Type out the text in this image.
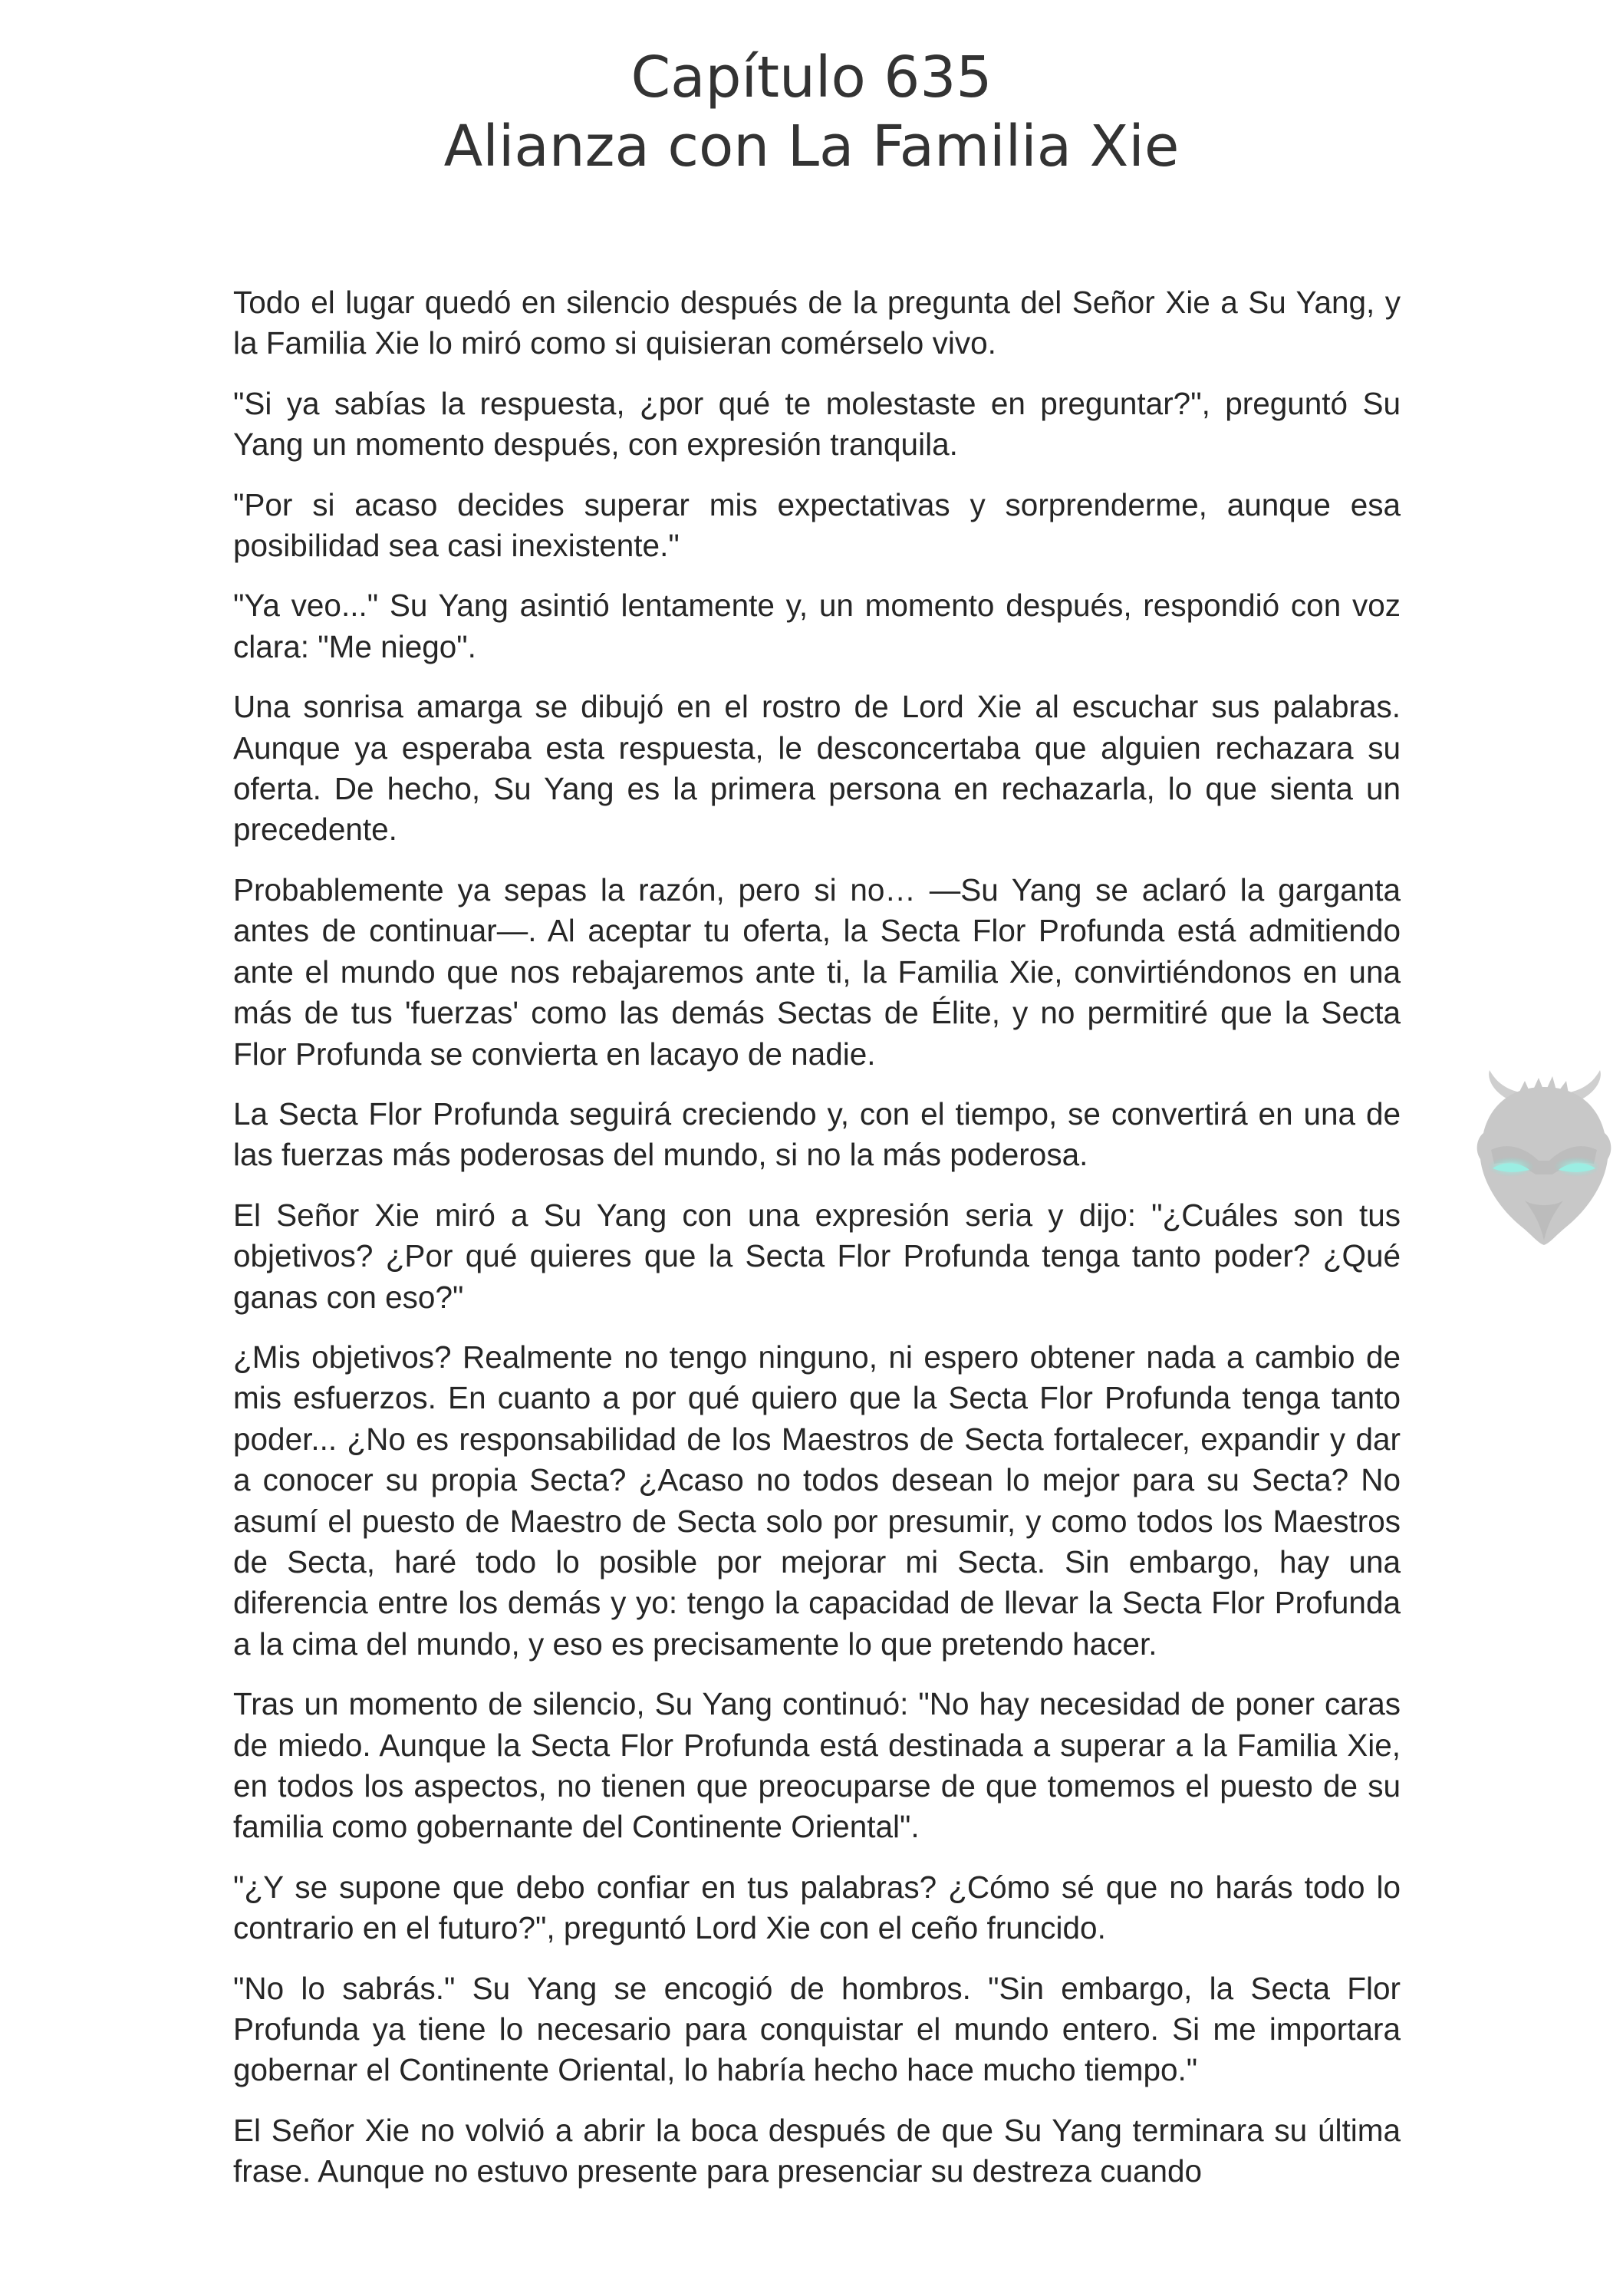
Capítulo 635
Alianza con La Familia Xie

Todo el lugar quedó en silencio después de la pregunta del Señor Xie a Su Yang, y la Familia Xie lo miró como si quisieran comérselo vivo.

"Si ya sabías la respuesta, ¿por qué te molestaste en preguntar?", preguntó Su Yang un momento después, con expresión tranquila.

"Por si acaso decides superar mis expectativas y sorprenderme, aunque esa posibilidad sea casi inexistente."

"Ya veo..." Su Yang asintió lentamente y, un momento después, respondió con voz clara: "Me niego".

Una sonrisa amarga se dibujó en el rostro de Lord Xie al escuchar sus palabras. Aunque ya esperaba esta respuesta, le desconcertaba que alguien rechazara su oferta. De hecho, Su Yang es la primera persona en rechazarla, lo que sienta un precedente.

Probablemente ya sepas la razón, pero si no… —Su Yang se aclaró la garganta antes de continuar—. Al aceptar tu oferta, la Secta Flor Profunda está admitiendo ante el mundo que nos rebajaremos ante ti, la Familia Xie, convirtiéndonos en una más de tus 'fuerzas' como las demás Sectas de Élite, y no permitiré que la Secta Flor Profunda se convierta en lacayo de nadie.

La Secta Flor Profunda seguirá creciendo y, con el tiempo, se convertirá en una de las fuerzas más poderosas del mundo, si no la más poderosa.

El Señor Xie miró a Su Yang con una expresión seria y dijo: "¿Cuáles son tus objetivos? ¿Por qué quieres que la Secta Flor Profunda tenga tanto poder? ¿Qué ganas con eso?"

¿Mis objetivos? Realmente no tengo ninguno, ni espero obtener nada a cambio de mis esfuerzos. En cuanto a por qué quiero que la Secta Flor Profunda tenga tanto poder... ¿No es responsabilidad de los Maestros de Secta fortalecer, expandir y dar a conocer su propia Secta? ¿Acaso no todos desean lo mejor para su Secta? No asumí el puesto de Maestro de Secta solo por presumir, y como todos los Maestros de Secta, haré todo lo posible por mejorar mi Secta. Sin embargo, hay una diferencia entre los demás y yo: tengo la capacidad de llevar la Secta Flor Profunda a la cima del mundo, y eso es precisamente lo que pretendo hacer.

Tras un momento de silencio, Su Yang continuó: "No hay necesidad de poner caras de miedo. Aunque la Secta Flor Profunda está destinada a superar a la Familia Xie, en todos los aspectos, no tienen que preocuparse de que tomemos el puesto de su familia como gobernante del Continente Oriental".

"¿Y se supone que debo confiar en tus palabras? ¿Cómo sé que no harás todo lo contrario en el futuro?", preguntó Lord Xie con el ceño fruncido.

"No lo sabrás." Su Yang se encogió de hombros. "Sin embargo, la Secta Flor Profunda ya tiene lo necesario para conquistar el mundo entero. Si me importara gobernar el Continente Oriental, lo habría hecho hace mucho tiempo."

El Señor Xie no volvió a abrir la boca después de que Su Yang terminara su última frase. Aunque no estuvo presente para presenciar su destreza cuando
